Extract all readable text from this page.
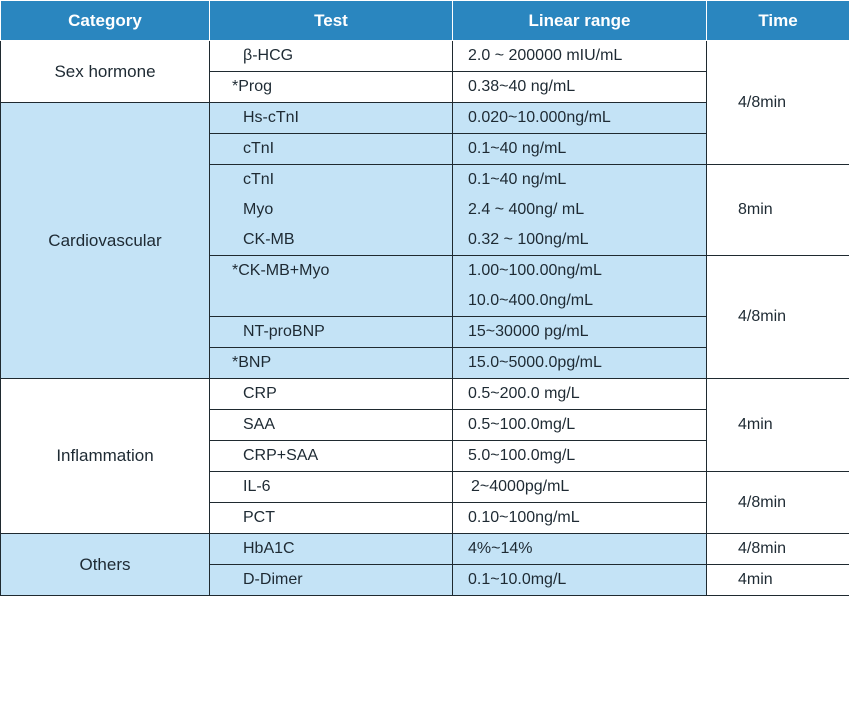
Category	Test	Linear range	Time
Sex hormone	β-HCG	2.0 ~ 200000 mIU/mL	4/8min
	*Prog	0.38~40 ng/mL	
Cardiovascular	Hs-cTnI	0.020~10.000ng/mL	
	cTnI	0.1~40 ng/mL	
	cTnI	0.1~40 ng/mL	8min
	Myo	2.4 ~ 400ng/ mL	
	CK-MB	0.32 ~ 100ng/mL	
	*CK-MB+Myo	1.00~100.00ng/mL	4/8min
		10.0~400.0ng/mL	
	NT-proBNP	15~30000 pg/mL	
	*BNP	15.0~5000.0pg/mL	
Inflammation	CRP	0.5~200.0 mg/L	4min
	SAA	0.5~100.0mg/L	
	CRP+SAA	5.0~100.0mg/L	
	IL-6	2~4000pg/mL	4/8min
	PCT	0.10~100ng/mL	
Others	HbA1C	4%~14%	4/8min
	D-Dimer	0.1~10.0mg/L	4min
